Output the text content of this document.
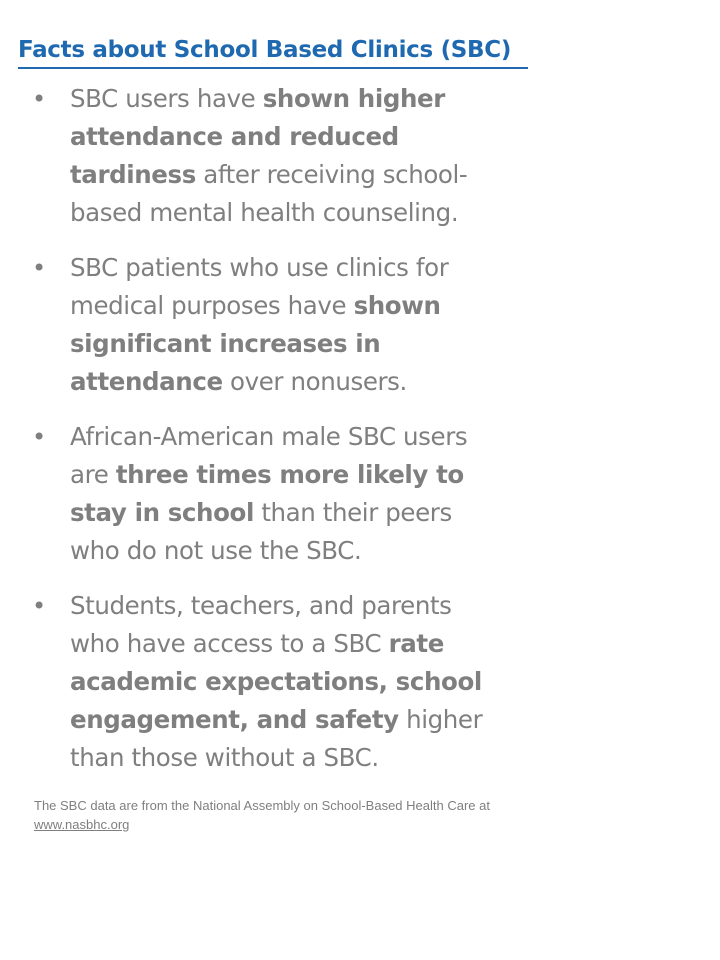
Facts about School Based Clinics (SBC)
• SBC users have shown higher attendance and reduced tardiness after receiving school-based mental health counseling.
• SBC patients who use clinics for medical purposes have shown significant increases in attendance over nonusers.
• African-American male SBC users are three times more likely to stay in school than their peers who do not use the SBC.
• Students, teachers, and parents who have access to a SBC rate academic expectations, school engagement, and safety higher than those without a SBC.
The SBC data are from the National Assembly on School-Based Health Care at www.nasbhc.org
